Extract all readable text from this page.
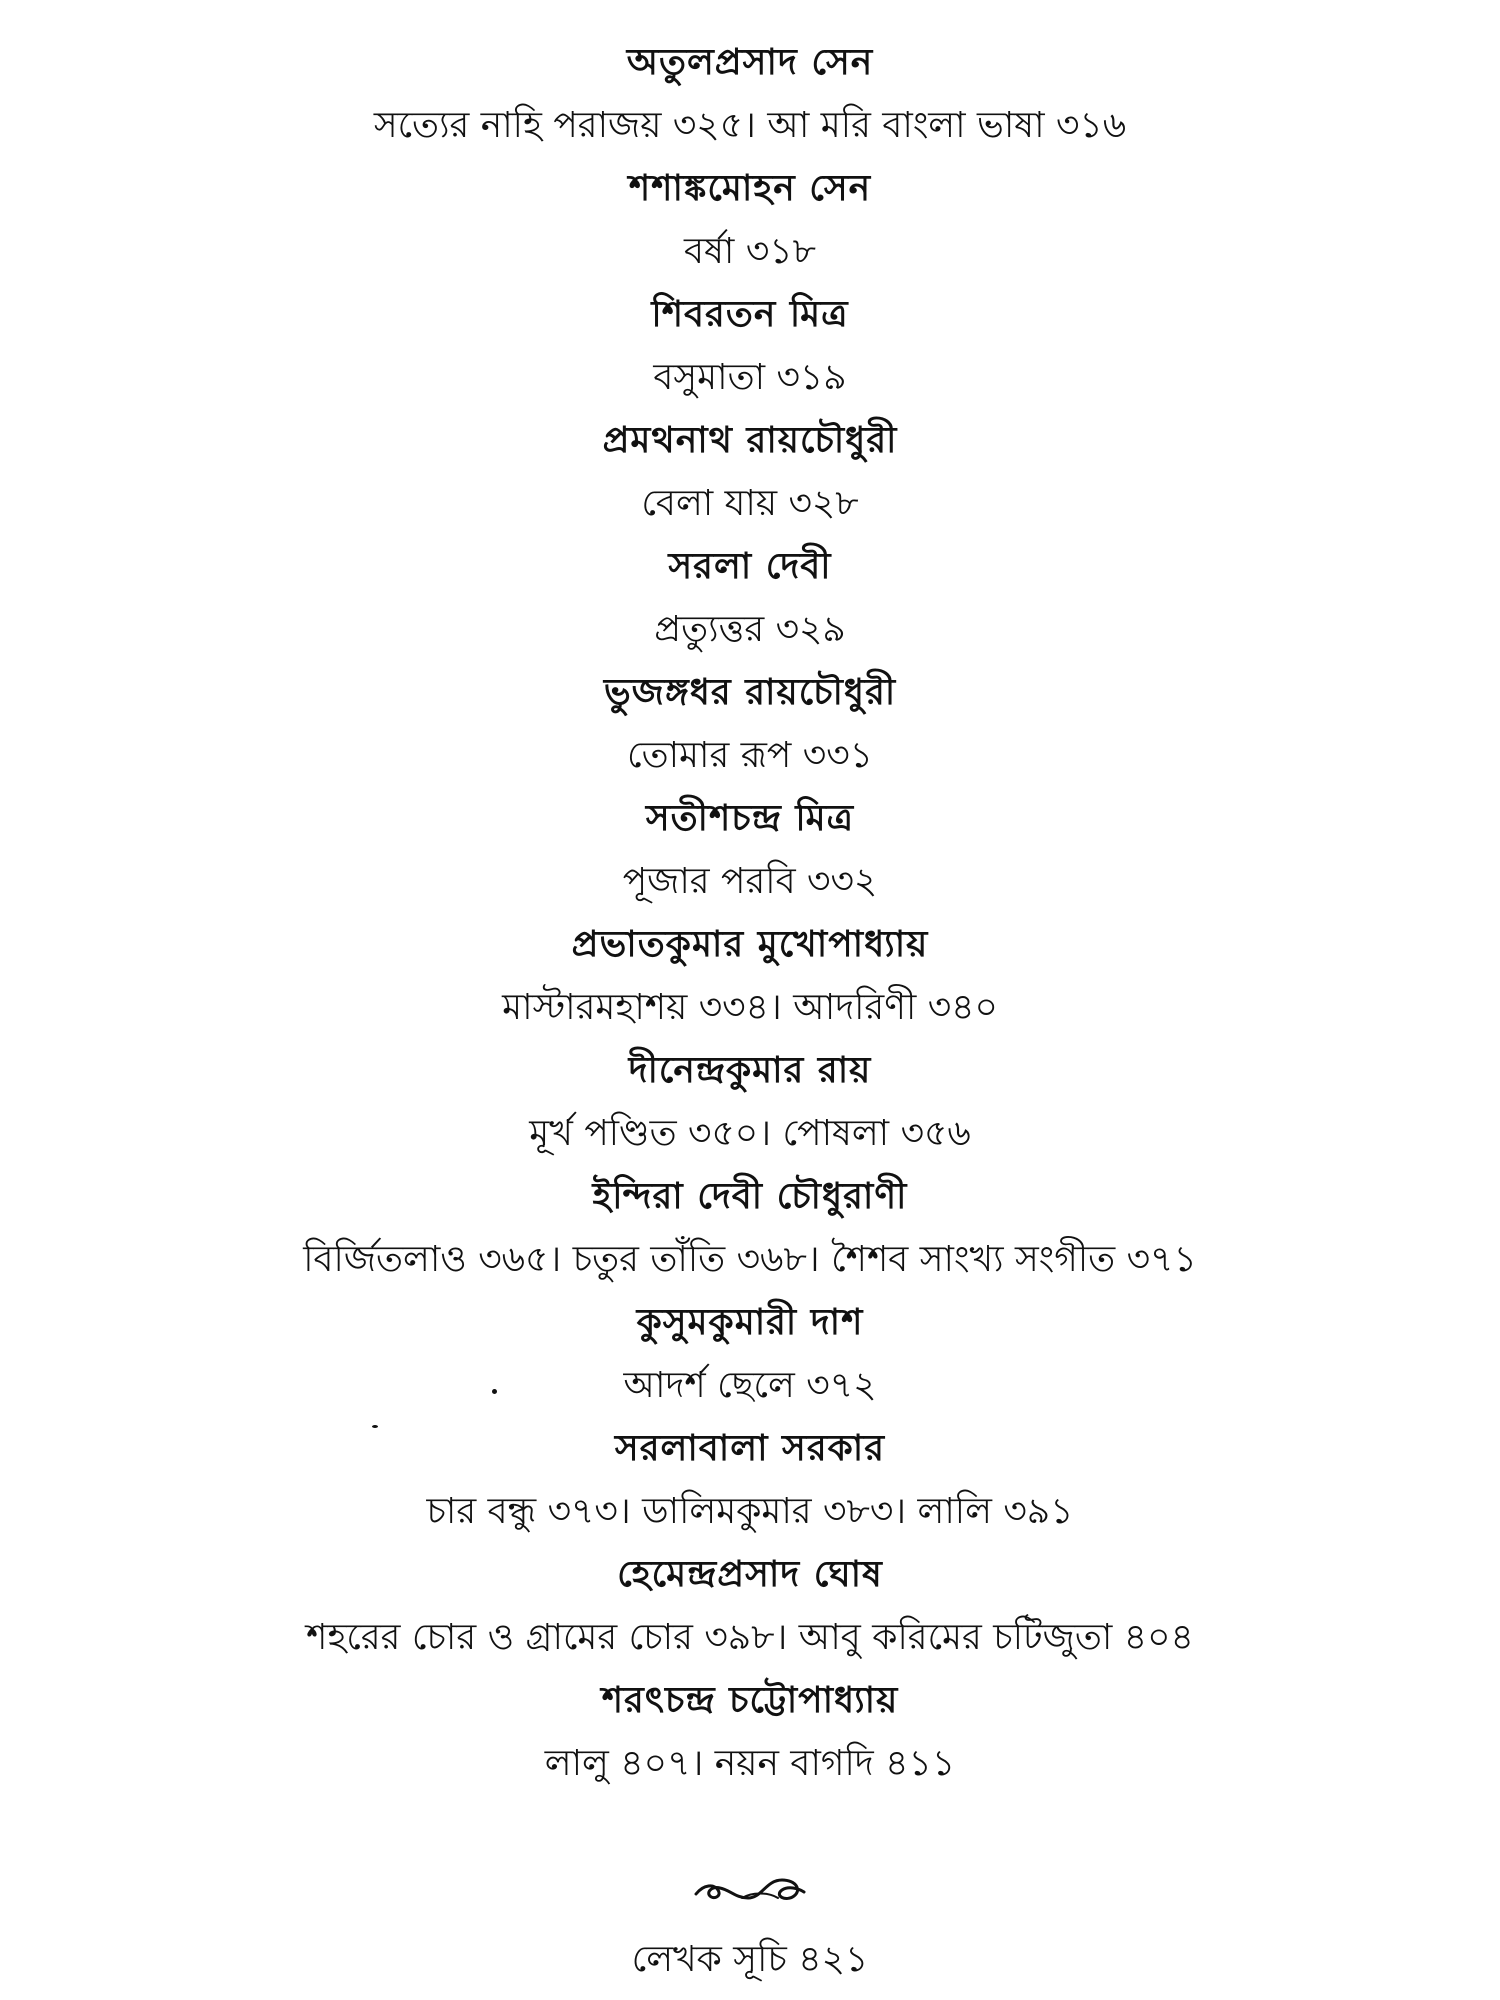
অতুলপ্রসাদ সেন
সত্যের নাহি পরাজয় ৩২৫। আ মরি বাংলা ভাষা ৩১৬
শশাঙ্কমোহন সেন
বর্ষা ৩১৮
শিবরতন মিত্র
বসুমাতা ৩১৯
প্রমথনাথ রায়চৌধুরী
বেলা যায় ৩২৮
সরলা দেবী
প্রত্যুত্তর ৩২৯
ভুজঙ্গধর রায়চৌধুরী
তোমার রূপ ৩৩১
সতীশচন্দ্র মিত্র
পূজার পরবি ৩৩২
প্রভাতকুমার মুখোপাধ্যায়
মাস্টারমহাশয় ৩৩৪। আদরিণী ৩৪০
দীনেন্দ্রকুমার রায়
মূর্খ পণ্ডিত ৩৫০। পোষলা ৩৫৬
ইন্দিরা দেবী চৌধুরাণী
বির্জিতলাও ৩৬৫। চতুর তাঁতি ৩৬৮। শৈশব সাংখ্য সংগীত ৩৭১
কুসুমকুমারী দাশ
আদর্শ ছেলে ৩৭২
সরলাবালা সরকার
চার বন্ধু ৩৭৩। ডালিমকুমার ৩৮৩। লালি ৩৯১
হেমেন্দ্রপ্রসাদ ঘোষ
শহরের চোর ও গ্রামের চোর ৩৯৮। আবু করিমের চটিজুতা ৪০৪
শরৎচন্দ্র চট্টোপাধ্যায়
লালু ৪০৭। নয়ন বাগদি ৪১১
লেখক সূচি ৪২১
